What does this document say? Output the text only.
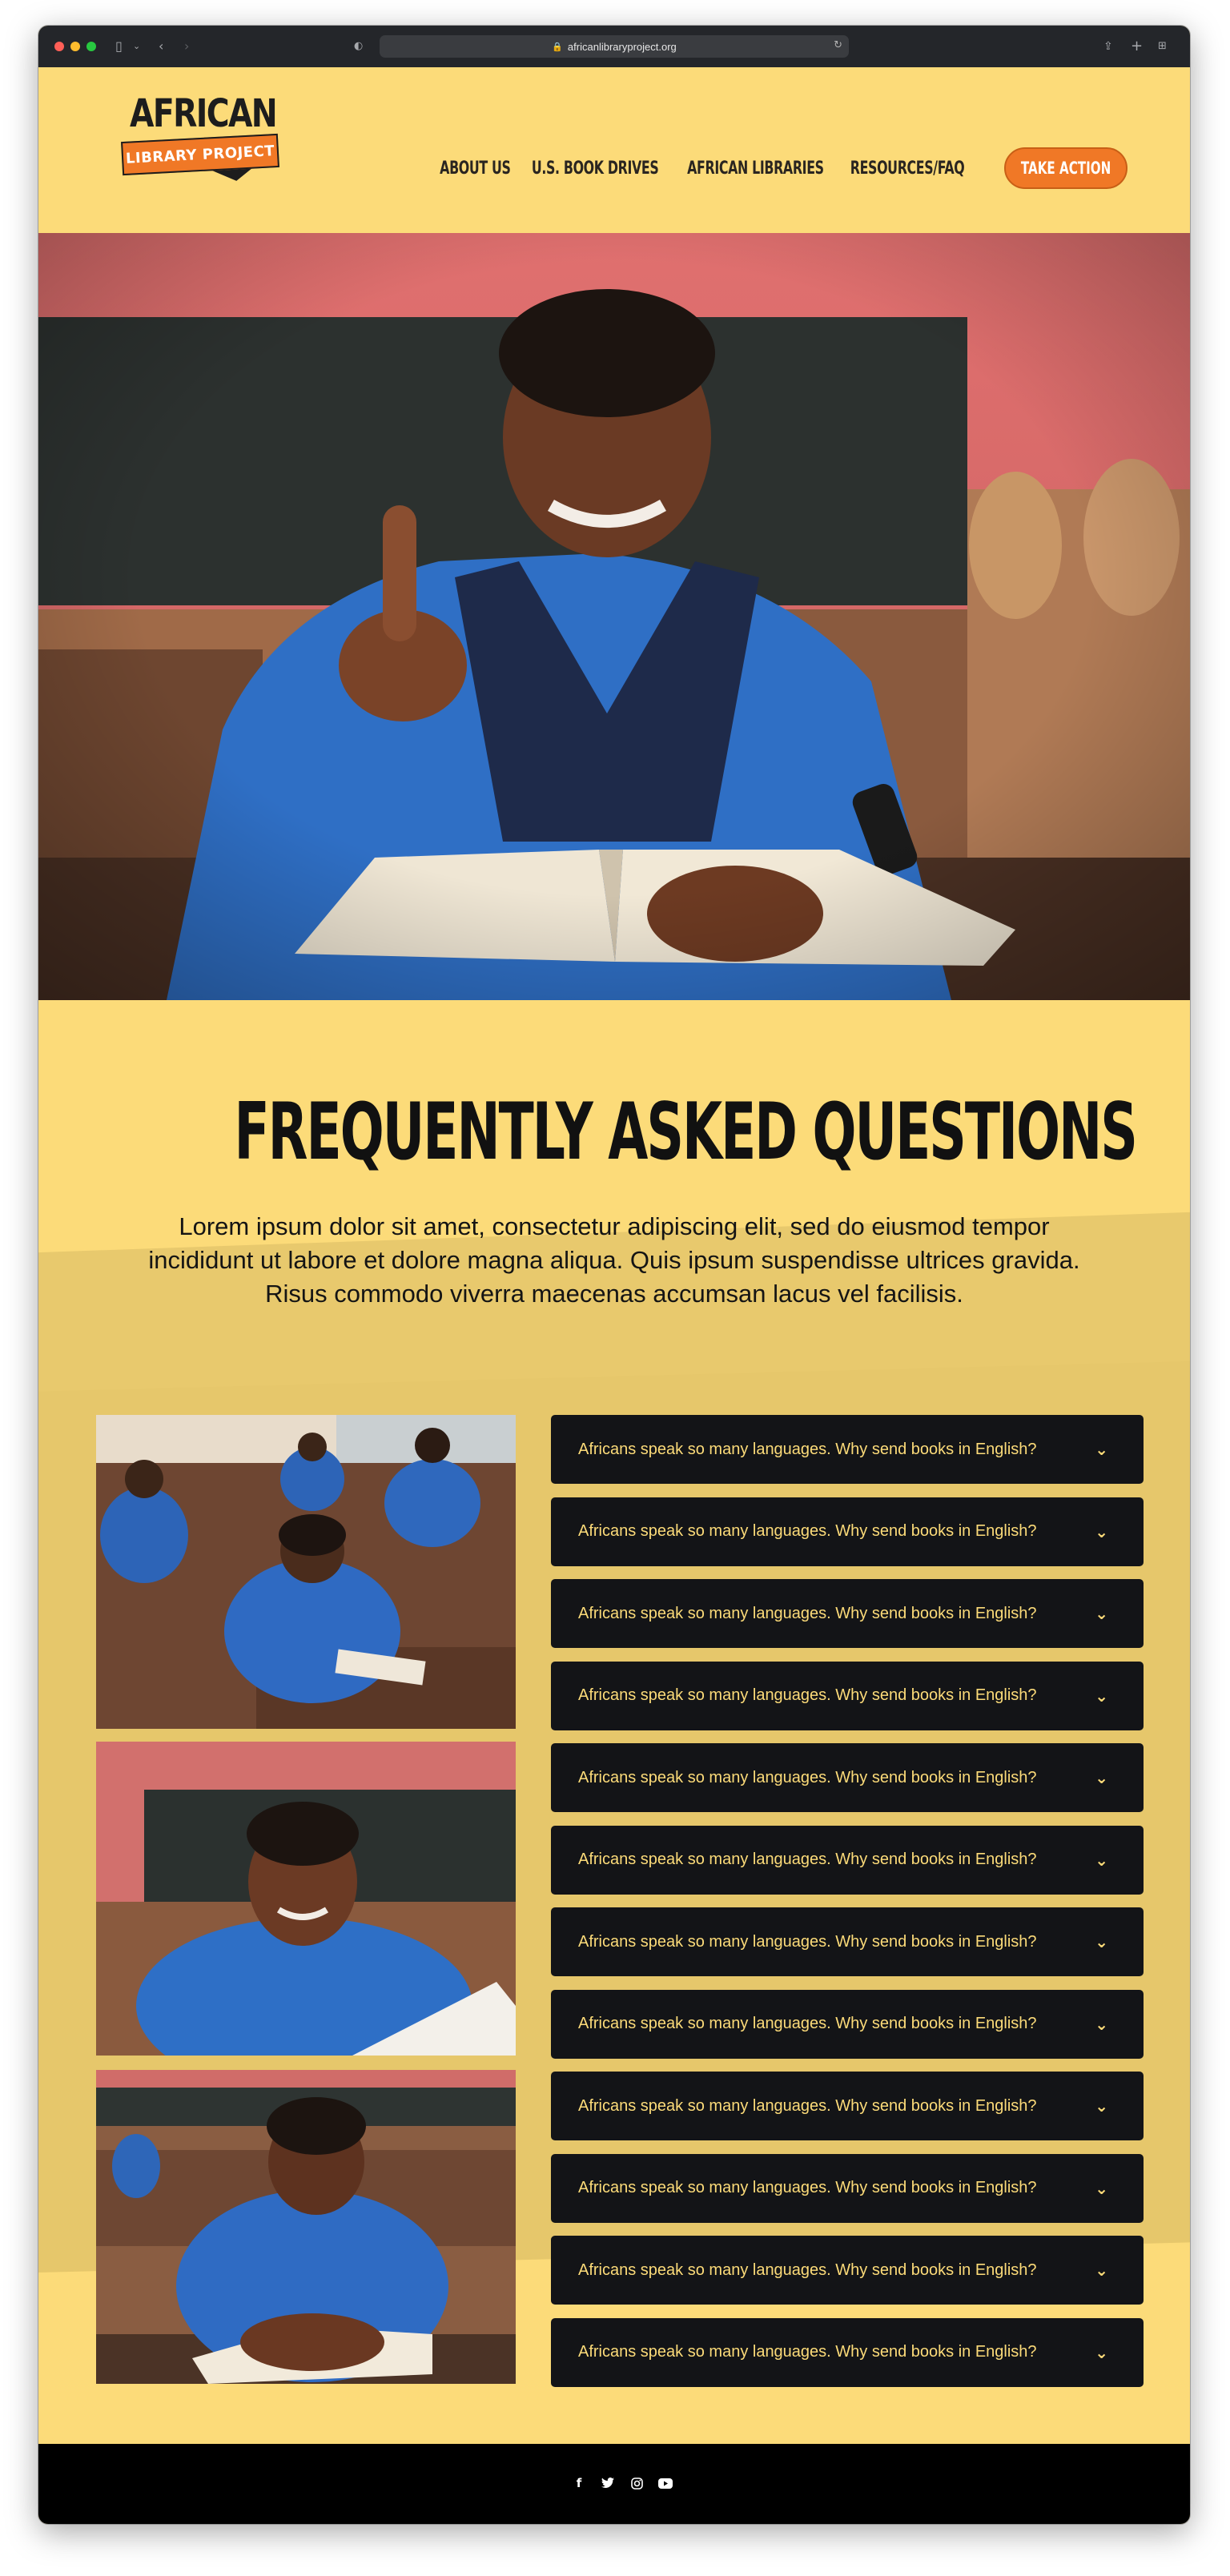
▯ ⌄ ‹ ›	◐	🔒 africanlibraryproject.org	↻	⇪ + ⊞
AFRICAN
LIBRARY PROJECT
ABOUT US U.S. BOOK DRIVES AFRICAN LIBRARIES RESOURCES/FAQ	TAKE ACTION
FREQUENTLY ASKED QUESTIONS

Lorem ipsum dolor sit amet, consectetur adipiscing elit, sed do eiusmod tempor incididunt ut labore et dolore magna aliqua. Quis ipsum suspendisse ultrices gravida. Risus commodo viverra maecenas accumsan lacus vel facilisis.

Africans speak so many languages. Why send books in English?	⌄
Africans speak so many languages. Why send books in English?	⌄
Africans speak so many languages. Why send books in English?	⌄
Africans speak so many languages. Why send books in English?	⌄
Africans speak so many languages. Why send books in English?	⌄
Africans speak so many languages. Why send books in English?	⌄
Africans speak so many languages. Why send books in English?	⌄
Africans speak so many languages. Why send books in English?	⌄
Africans speak so many languages. Why send books in English?	⌄
Africans speak so many languages. Why send books in English?	⌄
Africans speak so many languages. Why send books in English?	⌄
Africans speak so many languages. Why send books in English?	⌄
f
